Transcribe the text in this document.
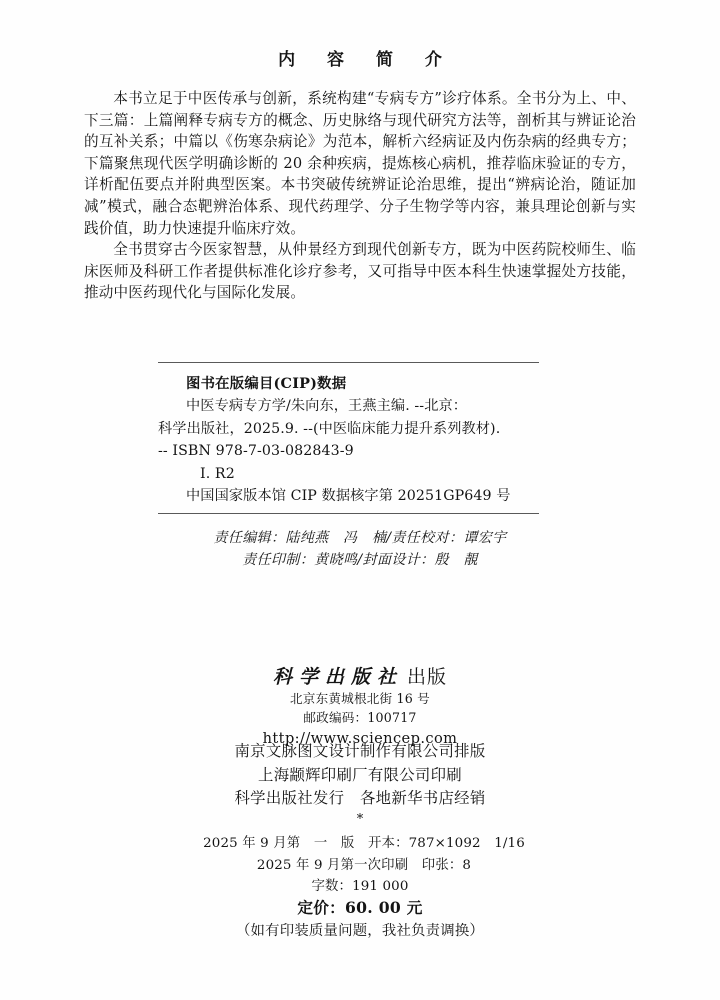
内 容 简 介

本书立足于中医传承与创新，系统构建“专病专方”诊疗体系。全书分为上、中、下三篇：上篇阐释专病专方的概念、历史脉络与现代研究方法等，剖析其与辨证论治的互补关系；中篇以《伤寒杂病论》为范本，解析六经病证及内伤杂病的经典专方；下篇聚焦现代医学明确诊断的 20 余种疾病，提炼核心病机，推荐临床验证的专方，详析配伍要点并附典型医案。本书突破传统辨证论治思维，提出“辨病论治，随证加减”模式，融合态靶辨治体系、现代药理学、分子生物学等内容，兼具理论创新与实践价值，助力快速提升临床疗效。

全书贯穿古今医家智慧，从仲景经方到现代创新专方，既为中医药院校师生、临床医师及科研工作者提供标准化诊疗参考，又可指导中医本科生快速掌握处方技能，推动中医药现代化与国际化发展。

图书在版编目(CIP)数据
中医专病专方学/朱向东，王燕主编. --北京：
科学出版社，2025.9. --(中医临床能力提升系列教材).
-- ISBN 978-7-03-082843-9
Ⅰ. R2
中国国家版本馆 CIP 数据核字第 20251GP649 号
责任编辑：陆纯燕　冯　楠/责任校对：谭宏宇
责任印制：黄晓鸣/封面设计：殷　靚
科学出版社 出版
北京东黄城根北街 16 号
邮政编码：100717
http://www.sciencep.com
南京文脉图文设计制作有限公司排版
上海颛辉印刷厂有限公司印刷
科学出版社发行　各地新华书店经销
*
2025 年 9 月第　一　版　开本：787×1092　1/16
2025 年 9 月第一次印刷　印张：8
字数：191 000
定价：60. 00 元
（如有印装质量问题，我社负责调换）
